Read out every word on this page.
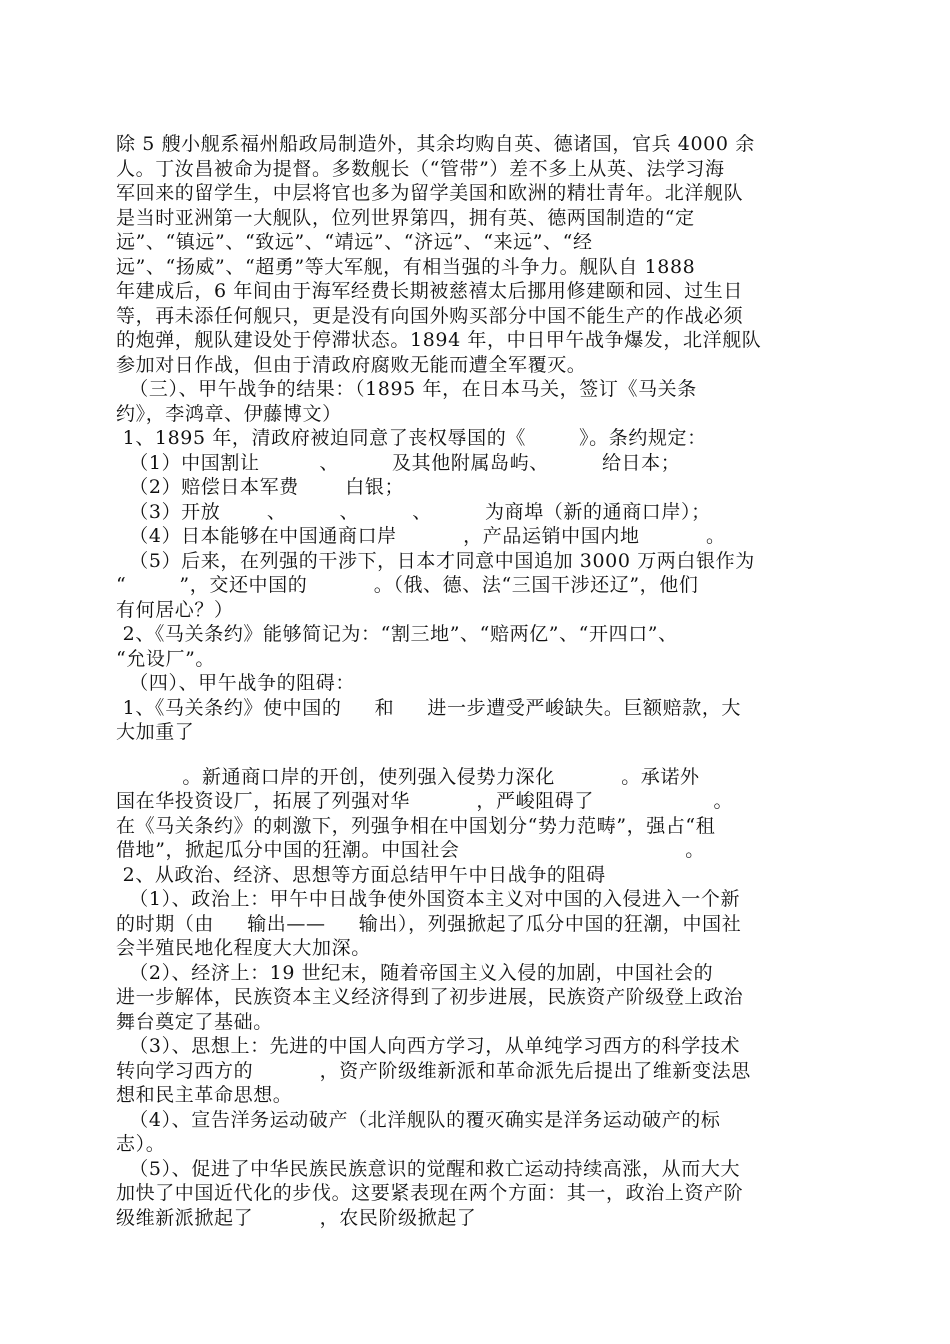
除 5 艘小舰系福州船政局制造外，其余均购自英、德诸国，官兵 4000 余
人。丁汝昌被命为提督。多数舰长（“管带”）差不多上从英、法学习海
军回来的留学生，中层将官也多为留学美国和欧洲的精壮青年。北洋舰队
是当时亚洲第一大舰队，位列世界第四，拥有英、德两国制造的“定
远”、“镇远”、“致远”、“靖远”、“济远”、“来远”、“经
远”、“扬威”、“超勇”等大军舰，有相当强的斗争力。舰队自 1888
年建成后，6 年间由于海军经费长期被慈禧太后挪用修建颐和园、过生日
等，再未添任何舰只，更是没有向国外购买部分中国不能生产的作战必须
的炮弹，舰队建设处于停滞状态。1894 年，中日甲午战争爆发，北洋舰队
参加对日作战，但由于清政府腐败无能而遭全军覆灭。
（三）、甲午战争的结果：（1895 年，在日本马关，签订《马关条
约》，李鸿章、伊藤博文）
1、1895 年，清政府被迫同意了丧权辱国的《        》。条约规定：
（1）中国割让         、        及其他附属岛屿、        给日本；
（2）赔偿日本军费       白银；
（3）开放       、        、        、        为商埠（新的通商口岸）；
（4）日本能够在中国通商口岸          ，产品运销中国内地          。
（5）后来，在列强的干涉下，日本才同意中国追加 3000 万两白银作为
“        ”，交还中国的          。（俄、德、法“三国干涉还辽”，他们
有何居心？）
2、《马关条约》能够简记为：“割三地”、“赔两亿”、“开四口”、
“允设厂”。
（四）、甲午战争的阻碍：
1、《马关条约》使中国的     和     进一步遭受严峻缺失。巨额赔款，大
大加重了
。新通商口岸的开创，使列强入侵势力深化          。承诺外
国在华投资设厂，拓展了列强对华          ，严峻阻碍了                  。
在《马关条约》的刺激下，列强争相在中国划分“势力范畴”，强占“租
借地”，掀起瓜分中国的狂潮。中国社会                                  。
2、从政治、经济、思想等方面总结甲午中日战争的阻碍
（1）、政治上：甲午中日战争使外国资本主义对中国的入侵进入一个新
的时期（由     输出——     输出），列强掀起了瓜分中国的狂潮，中国社
会半殖民地化程度大大加深。
（2）、经济上：19 世纪末，随着帝国主义入侵的加剧，中国社会的
进一步解体，民族资本主义经济得到了初步进展，民族资产阶级登上政治
舞台奠定了基础。
（3）、思想上：先进的中国人向西方学习，从单纯学习西方的科学技术
转向学习西方的          ，资产阶级维新派和革命派先后提出了维新变法思
想和民主革命思想。
（4）、宣告洋务运动破产（北洋舰队的覆灭确实是洋务运动破产的标
志）。
（5）、促进了中华民族民族意识的觉醒和救亡运动持续高涨，从而大大
加快了中国近代化的步伐。这要紧表现在两个方面：其一，政治上资产阶
级维新派掀起了          ，农民阶级掀起了
